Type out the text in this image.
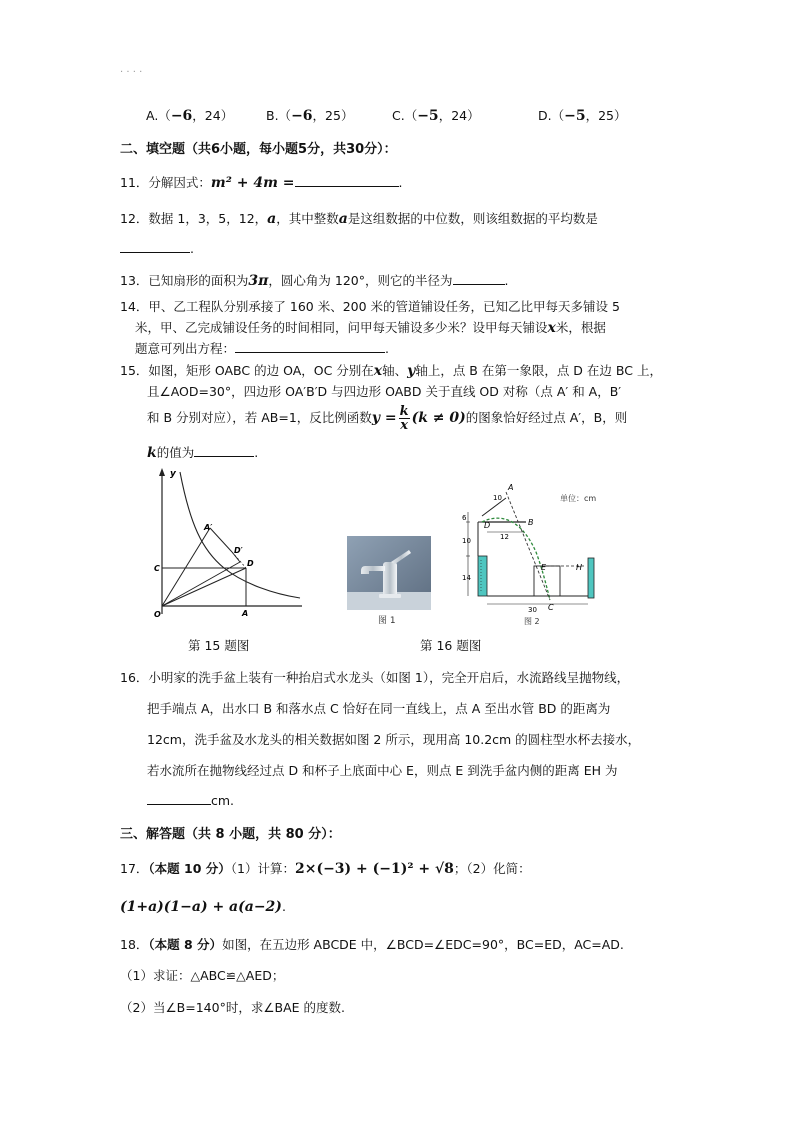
. . . .
A.（−6，24）	B.（−6，25）	C.（−5，24）	D.（−5，25）
二、填空题（共6小题，每小题5分，共30分）：
11．分解因式：m² + 4m =	.
12．数据 1，3，5，12，a，其中整数a是这组数据的中位数，则该组数据的平均数是
.
13．已知扇形的面积为3π，圆心角为 120°，则它的半径为	.
14．甲、乙工程队分别承接了 160 米、200 米的管道铺设任务，已知乙比甲每天多铺设 5
米，甲、乙完成铺设任务的时间相同，问甲每天铺设多少米？设甲每天铺设x米，根据
题意可列出方程：	.
15．如图，矩形 OABC 的边 OA，OC 分别在x轴、y轴上，点 B 在第一象限，点 D 在边 BC 上，
且∠AOD=30°，四边形 OA′B′D 与四边形 OABD 关于直线 OD 对称（点 A′ 和 A，B′
和 B 分别对应），若 AB=1，反比例函数$y = \frac{k}{x} (k \ne 0)$的图象恰好经过点 A′，B，则
k的值为	.
y
A′
D′
C
D
O	A
第 15 题图
图 1
单位：cm
A
10
B
D
6
10	12
14
E	H
C
30
图 2
第 16 题图
16．小明家的洗手盆上装有一种抬启式水龙头（如图 1），完全开启后，水流路线呈抛物线，
把手端点 A，出水口 B 和落水点 C 恰好在同一直线上，点 A 至出水管 BD 的距离为
12cm，洗手盆及水龙头的相关数据如图 2 所示，现用高 10.2cm 的圆柱型水杯去接水，
若水流所在抛物线经过点 D 和杯子上底面中心 E，则点 E 到洗手盆内侧的距离 EH 为
cm.
三、解答题（共 8 小题，共 80 分）：
17．（本题 10 分）（1）计算：2×(−3) + (−1)² + √8；（2）化简：
(1+a)(1−a) + a(a−2).
18．（本题 8 分）如图，在五边形 ABCDE 中，∠BCD=∠EDC=90°，BC=ED，AC=AD.
（1）求证：△ABC≌△AED；
（2）当∠B=140°时，求∠BAE 的度数.
